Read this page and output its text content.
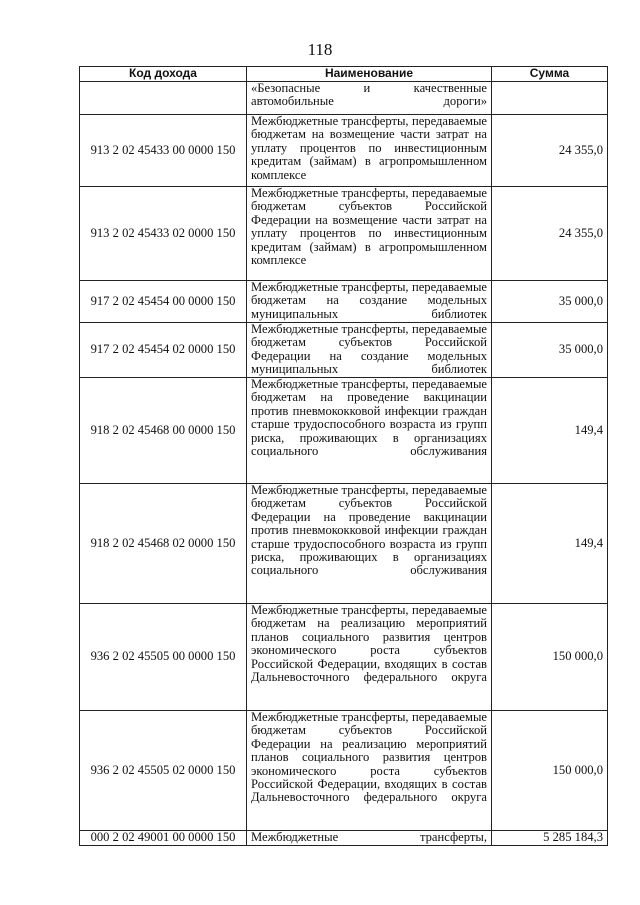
118
Код дохода	Наименование	Сумма
	«Безопасные и качественные автомобильные дороги»	
913 2 02 45433 00 0000 150	Межбюджетные трансферты, передаваемые бюджетам на возмещение части затрат на уплату процентов по инвестиционным кредитам (займам) в агропромышленном комплексе	24 355,0
913 2 02 45433 02 0000 150	Межбюджетные трансферты, передаваемые бюджетам субъектов Российской Федерации на возмещение части затрат на уплату процентов по инвестиционным кредитам (займам) в агропромышленном комплексе	24 355,0
917 2 02 45454 00 0000 150	Межбюджетные трансферты, передаваемые бюджетам на создание модельных муниципальных библиотек	35 000,0
917 2 02 45454 02 0000 150	Межбюджетные трансферты, передаваемые бюджетам субъектов Российской Федерации на создание модельных муниципальных библиотек	35 000,0
918 2 02 45468 00 0000 150	Межбюджетные трансферты, передаваемые бюджетам на проведение вакцинации против пневмококковой инфекции граждан старше трудоспособного возраста из групп риска, проживающих в организациях социального обслуживания	149,4
918 2 02 45468 02 0000 150	Межбюджетные трансферты, передаваемые бюджетам субъектов Российской Федерации на проведение вакцинации против пневмококковой инфекции граждан старше трудоспособного возраста из групп риска, проживающих в организациях социального обслуживания	149,4
936 2 02 45505 00 0000 150	Межбюджетные трансферты, передаваемые бюджетам на реализацию мероприятий планов социального развития центров экономического роста субъектов Российской Федерации, входящих в состав Дальневосточного федерального округа	150 000,0
936 2 02 45505 02 0000 150	Межбюджетные трансферты, передаваемые бюджетам субъектов Российской Федерации на реализацию мероприятий планов социального развития центров экономического роста субъектов Российской Федерации, входящих в состав Дальневосточного федерального округа	150 000,0
000 2 02 49001 00 0000 150	Межбюджетные трансферты,	5 285 184,3
